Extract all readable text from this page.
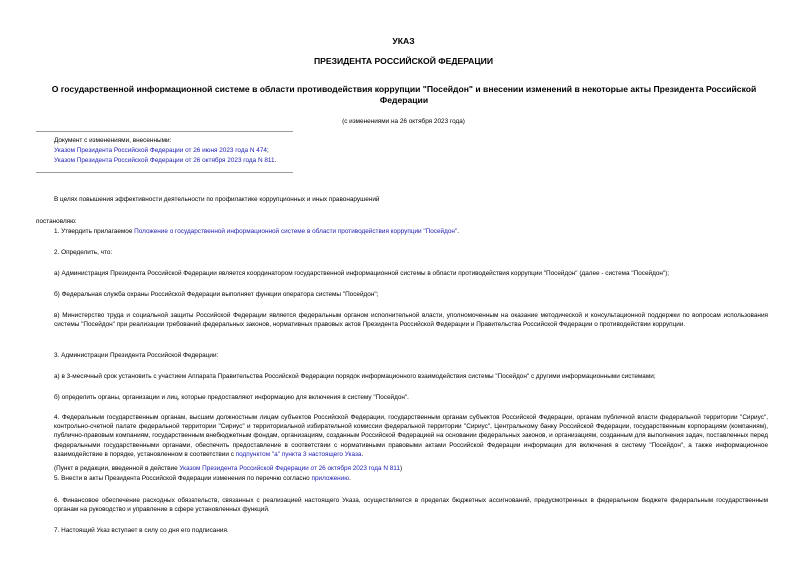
УКАЗ
ПРЕЗИДЕНТА РОССИЙСКОЙ ФЕДЕРАЦИИ
О государственной информационной системе в области противодействия коррупции "Посейдон" и внесении изменений в некоторые акты Президента Российской Федерации
(с изменениями на 26 октября 2023 года)
Документ с изменениями, внесенными:
Указом Президента Российской Федерации от 26 июня 2023 года N 474;
Указом Президента Российской Федерации от 26 октября 2023 года N 811.
В целях повышения эффективности деятельности по профилактике коррупционных и иных правонарушений
постановляю:
1. Утвердить прилагаемое Положение о государственной информационной системе в области противодействия коррупции "Посейдон".
2. Определить, что:
а) Администрация Президента Российской Федерации является координатором государственной информационной системы в области противодействия коррупции "Посейдон" (далее - система "Посейдон");
б) Федеральная служба охраны Российской Федерации выполняет функции оператора системы "Посейдон";
в) Министерство труда и социальной защиты Российской Федерации является федеральным органом исполнительной власти, уполномоченным на оказание методической и консультационной поддержки по вопросам использования системы "Посейдон" при реализации требований федеральных законов, нормативных правовых актов Президента Российской Федерации и Правительства Российской Федерации о противодействии коррупции.
3. Администрации Президента Российской Федерации:
а) в 3-месячный срок установить с участием Аппарата Правительства Российской Федерации порядок информационного взаимодействия системы "Посейдон" с другими информационными системами;
б) определить органы, организации и лиц, которые предоставляют информацию для включения в систему "Посейдон".
4. Федеральным государственным органам, высшим должностным лицам субъектов Российской Федерации, государственным органам субъектов Российской Федерации, органам публичной власти федеральной территории "Сириус", контрольно-счетной палате федеральной территории "Сириус" и территориальной избирательной комиссии федеральной территории "Сириус", Центральному банку Российской Федерации, государственным корпорациям (компаниям), публично-правовым компаниям, государственным внебюджетным фондам, организациям, созданным Российской Федерацией на основании федеральных законов, и организациям, созданным для выполнения задач, поставленных перед федеральными государственными органами, обеспечить предоставление в соответствии с нормативными правовыми актами Российской Федерации информации для включения в систему "Посейдон", а также информационное взаимодействие в порядке, установленном в соответствии с подпунктом "а" пункта 3 настоящего Указа.
(Пункт в редакции, введенной в действие Указом Президента Российской Федерации от 26 октября 2023 года N 811)
5. Внести в акты Президента Российской Федерации изменения по перечню согласно приложению.
6. Финансовое обеспечение расходных обязательств, связанных с реализацией настоящего Указа, осуществляется в пределах бюджетных ассигнований, предусмотренных в федеральном бюджете федеральным государственным органам на руководство и управление в сфере установленных функций.
7. Настоящий Указ вступает в силу со дня его подписания.
